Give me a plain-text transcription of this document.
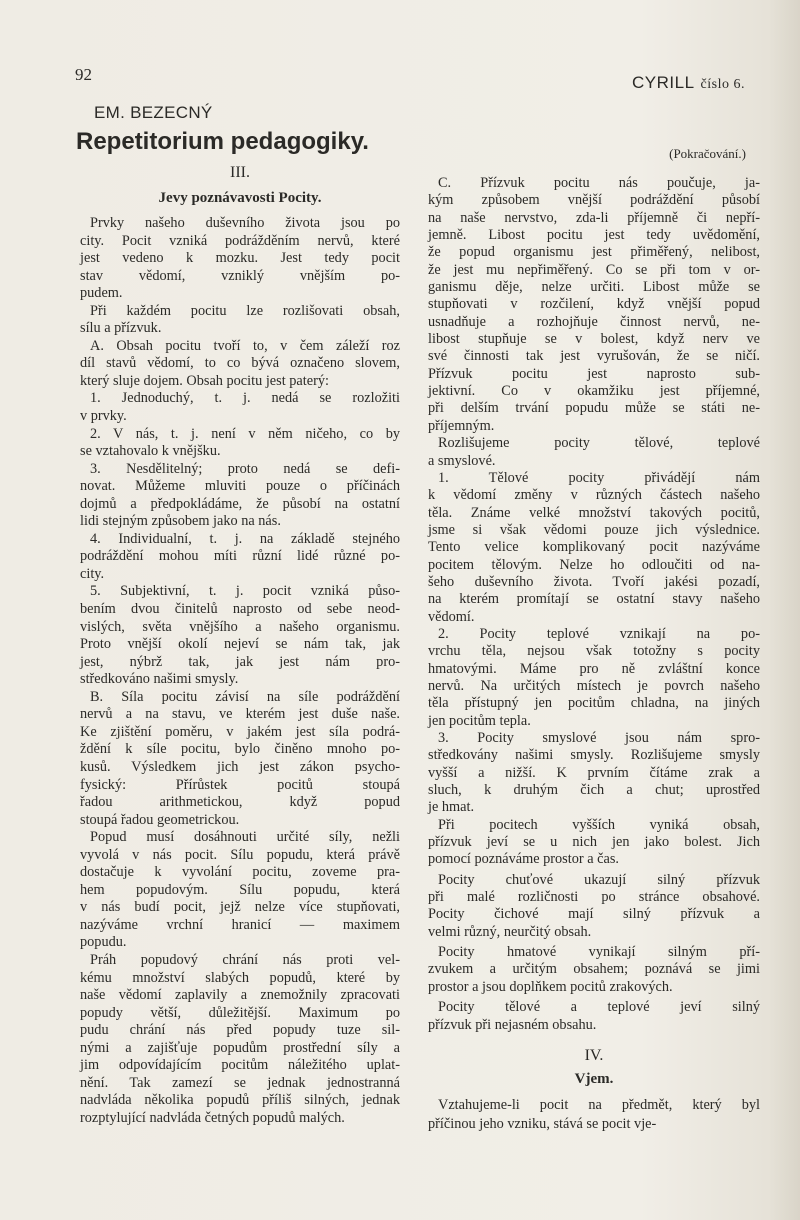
92	CYRILL číslo 6.
EM. BEZECNÝ
Repetitorium pedagogiky.	(Pokračování.)
III.
Jevy poznávavosti Pocity.
Prvky našeho duševního života jsou po
city. Pocit vzniká podrážděním nervů, které
jest vedeno k mozku. Jest tedy pocit
stav vědomí, vzniklý vnějším po-
pudem.
Při každém pocitu lze rozlišovati obsah,
sílu a přízvuk.
A. Obsah pocitu tvoří to, v čem záleží roz
díl stavů vědomí, to co bývá označeno slovem,
který sluje dojem. Obsah pocitu jest paterý:
1. Jednoduchý, t. j. nedá se rozložiti
v prvky.
2. V nás, t. j. není v něm ničeho, co by
se vztahovalo k vnějšku.
3. Nesdělitelný; proto nedá se defi-
novat. Můžeme mluviti pouze o příčinách
dojmů a předpokládáme, že působí na ostatní
lidi stejným způsobem jako na nás.
4. Individualní, t. j. na základě stejného
podráždění mohou míti různí lidé různé po-
city.
5. Subjektivní, t. j. pocit vzniká půso-
bením dvou činitelů naprosto od sebe neod-
vislých, světa vnějšího a našeho organismu.
Proto vnější okolí nejeví se nám tak, jak
jest, nýbrž tak, jak jest nám pro-
středkováno našimi smysly.
B. Síla pocitu závisí na síle podráždění
nervů a na stavu, ve kterém jest duše naše.
Ke zjištění poměru, v jakém jest síla podrá-
ždění k síle pocitu, bylo činěno mnoho po-
kusů. Výsledkem jich jest zákon psycho-
fysický: Přírůstek pocitů stoupá
řadou arithmetickou, když popud
stoupá řadou geometrickou.
Popud musí dosáhnouti určité síly, nežli
vyvolá v nás pocit. Sílu popudu, která právě
dostačuje k vyvolání pocitu, zoveme pra-
hem popudovým. Sílu popudu, která
v nás budí pocit, jejž nelze více stupňovati,
nazýváme vrchní hranicí — maximem
popudu.
Práh popudový chrání nás proti vel-
kému množství slabých popudů, které by
naše vědomí zaplavily a znemožnily zpracovati
popudy větší, důležitější. Maximum po
pudu chrání nás před popudy tuze sil-
nými a zajišťuje popudům prostřední síly a
jim odpovídajícím pocitům náležitého uplat-
nění. Tak zamezí se jednak jednostranná
nadvláda několika popudů příliš silných, jednak
rozptylující nadvláda četných popudů malých.
C. Přízvuk pocitu nás poučuje, ja-
kým způsobem vnější podráždění působí
na naše nervstvo, zda-li příjemně či nepří-
jemně. Libost pocitu jest tedy uvědomění,
že popud organismu jest přiměřený, nelibost,
že jest mu nepřiměřený. Co se při tom v or-
ganismu děje, nelze určiti. Libost může se
stupňovati v rozčilení, když vnější popud
usnadňuje a rozhojňuje činnost nervů, ne-
libost stupňuje se v bolest, když nerv ve
své činnosti tak jest vyrušován, že se ničí.
Přízvuk pocitu jest naprosto sub-
jektivní. Co v okamžiku jest příjemné,
při delším trvání popudu může se státi ne-
příjemným.
Rozlišujeme pocity tělové, teplové
a smyslové.
1. Tělové pocity přivádějí nám
k vědomí změny v různých částech našeho
těla. Známe velké množství takových pocitů,
jsme si však vědomi pouze jich výslednice.
Tento velice komplikovaný pocit nazýváme
pocitem tělovým. Nelze ho odloučiti od na-
šeho duševního života. Tvoří jakési pozadí,
na kterém promítají se ostatní stavy našeho
vědomí.
2. Pocity teplové vznikají na po-
vrchu těla, nejsou však totožny s pocity
hmatovými. Máme pro ně zvláštní konce
nervů. Na určitých místech je povrch našeho
těla přístupný jen pocitům chladna, na jiných
jen pocitům tepla.
3. Pocity smyslové jsou nám spro-
středkovány našimi smysly. Rozlišujeme smysly
vyšší a nižší. K prvním čítáme zrak a
sluch, k druhým čich a chut; uprostřed
je hmat.
Při pocitech vyšších vyniká obsah,
přízvuk jeví se u nich jen jako bolest. Jich
pomocí poznáváme prostor a čas.
Pocity chuťové ukazují silný přízvuk
při malé rozličnosti po stránce obsahové.
Pocity čichové mají silný přízvuk a
velmi různý, neurčitý obsah.
Pocity hmatové vynikají silným pří-
zvukem a určitým obsahem; poznává se jimi
prostor a jsou doplňkem pocitů zrakových.
Pocity tělové a teplové jeví silný
přízvuk při nejasném obsahu.
IV.
Vjem.
Vztahujeme-li pocit na předmět, který byl
příčinou jeho vzniku, stává se pocit vje-
